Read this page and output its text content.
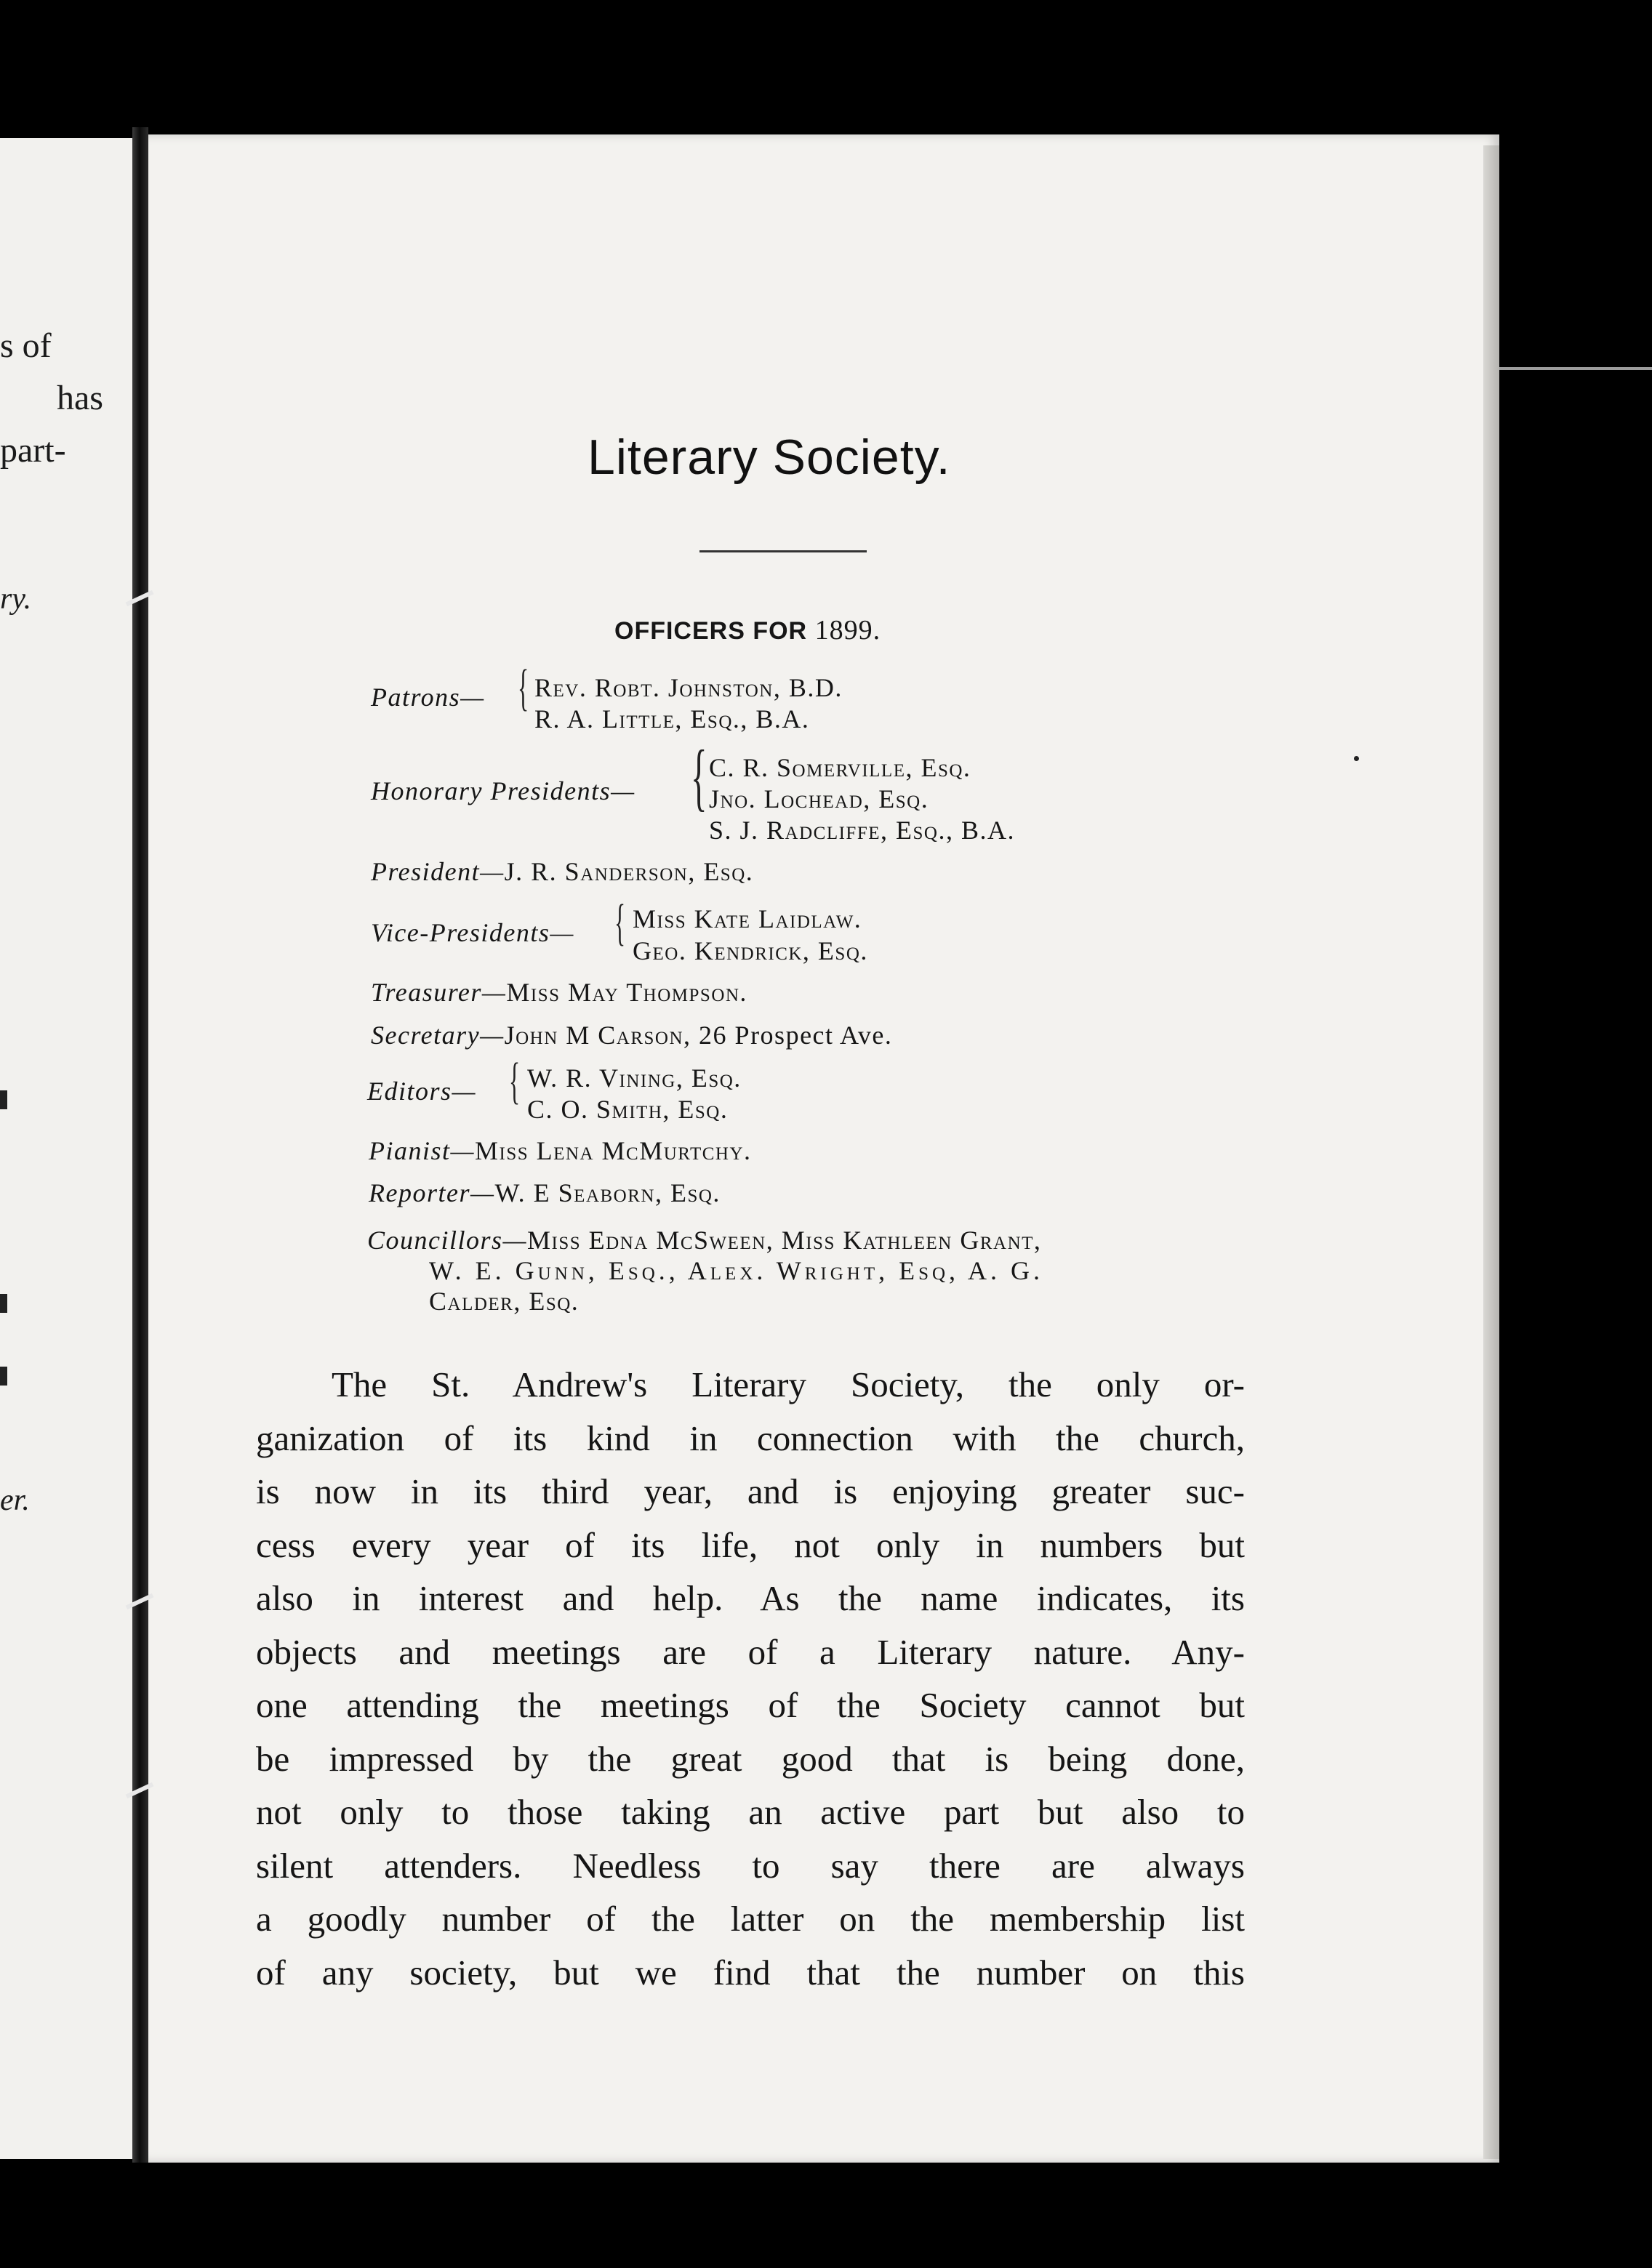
s of
has
part-
ry.
er.
Literary Society.
OFFICERS FOR 1899.
Patrons— { Rev. Robt. Johnston, B.D.
R. A. Little, Esq., B.A.
Honorary Presidents— { C. R. Somerville, Esq.
Jno. Lochead, Esq.
S. J. Radcliffe, Esq., B.A.
President—J. R. Sanderson, Esq.
Vice-Presidents— { Miss Kate Laidlaw.
Geo. Kendrick, Esq.
Treasurer—Miss May Thompson.
Secretary—John M Carson, 26 Prospect Ave.
Editors— { W. R. Vining, Esq.
C. O. Smith, Esq.
Pianist—Miss Lena McMurtchy.
Reporter—W. E Seaborn, Esq.
Councillors—Miss Edna McSween, Miss Kathleen Grant,
W. E. Gunn, Esq., Alex. Wright, Esq, A. G.
Calder, Esq.

The St. Andrew's Literary Society, the only or-

ganization of its kind in connection with the church,

is now in its third year, and is enjoying greater suc-

cess every year of its life, not only in numbers but

also in interest and help. As the name indicates, its

objects and meetings are of a Literary nature. Any-

one attending the meetings of the Society cannot but

be impressed by the great good that is being done,

not only to those taking an active part but also to

silent attenders. Needless to say there are always

a goodly number of the latter on the membership list

of any society, but we find that the number on this
